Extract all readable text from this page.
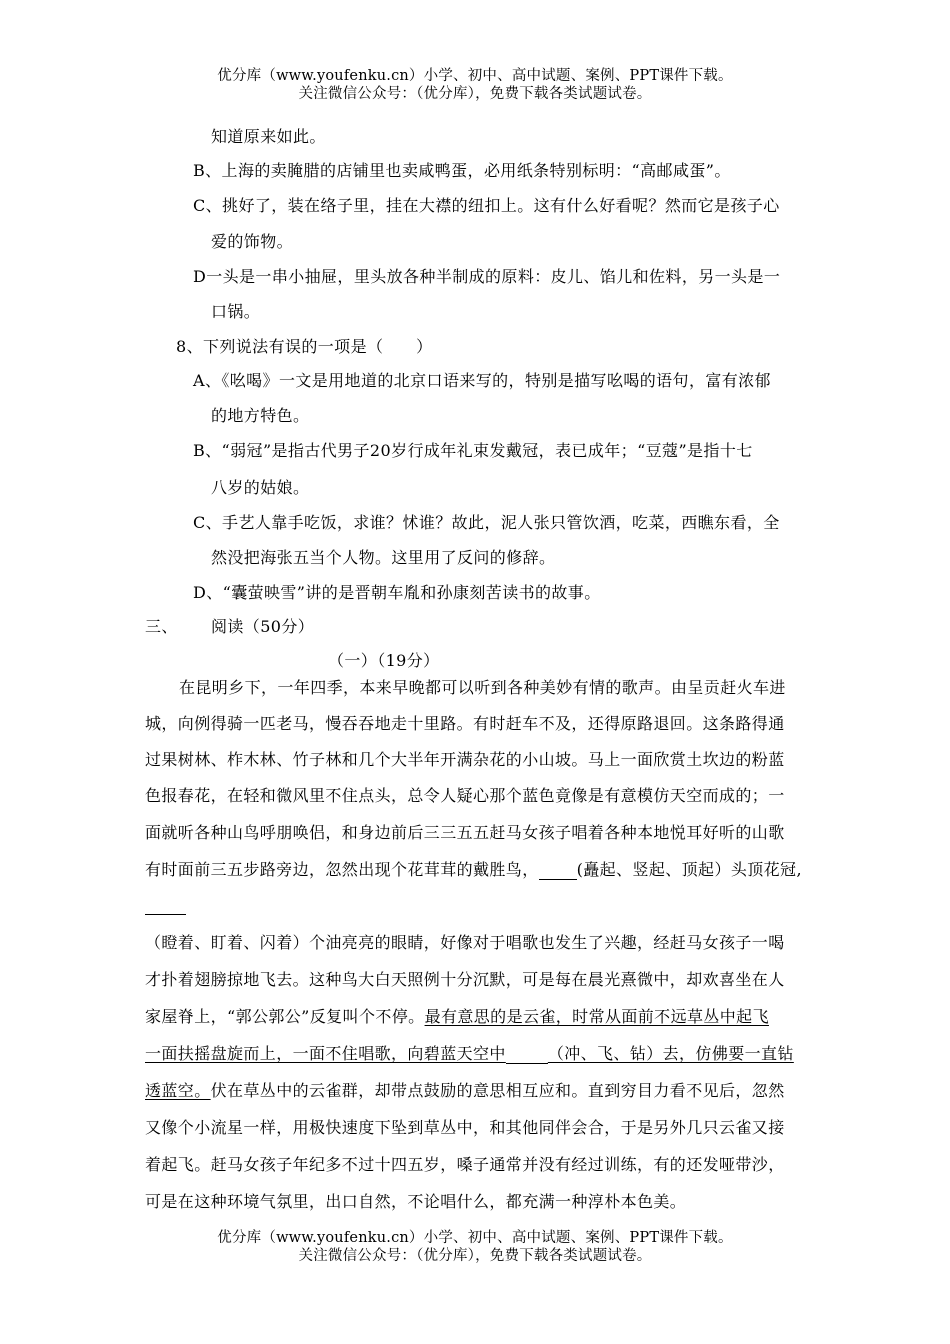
优分库（www.youfenku.cn）小学、初中、高中试题、案例、PPT课件下载。
关注微信公众号：（优分库），免费下载各类试题试卷。
知道原来如此。
B、上海的卖腌腊的店铺里也卖咸鸭蛋，必用纸条特别标明：“高邮咸蛋”。
C、挑好了，装在络子里，挂在大襟的纽扣上。这有什么好看呢？然而它是孩子心
爱的饰物。
D一头是一串小抽屉，里头放各种半制成的原料：皮儿、馅儿和佐料，另一头是一
口锅。
8、下列说法有误的一项是（　　）
A、《吆喝》一文是用地道的北京口语来写的，特别是描写吆喝的语句，富有浓郁
的地方特色。
B、“弱冠”是指古代男子20岁行成年礼束发戴冠，表已成年；“豆蔻”是指十七
八岁的姑娘。
C、手艺人靠手吃饭，求谁？怵谁？故此，泥人张只管饮酒，吃菜，西瞧东看，全
然没把海张五当个人物。这里用了反问的修辞。
D、“囊萤映雪”讲的是晋朝车胤和孙康刻苦读书的故事。
三、 阅读（50分）
（一）（19分）
在昆明乡下，一年四季，本来早晚都可以听到各种美妙有情的歌声。由呈贡赶火车进
城，向例得骑一匹老马，慢吞吞地走十里路。有时赶车不及，还得原路退回。这条路得通
过果树林、柞木林、竹子林和几个大半年开满杂花的小山坡。马上一面欣赏土坎边的粉蓝
色报春花，在轻和微风里不住点头，总令人疑心那个蓝色竟像是有意模仿天空而成的；一
面就听各种山鸟呼朋唤侣，和身边前后三三五五赶马女孩子唱着各种本地悦耳好听的山歌
有时面前三五步路旁边，忽然出现个花茸茸的戴胜鸟， (矗起、竖起、顶起）头顶花冠,
（瞪着、盯着、闪着）个油亮亮的眼睛，好像对于唱歌也发生了兴趣，经赶马女孩子一喝
才扑着翅膀掠地飞去。这种鸟大白天照例十分沉默，可是每在晨光熹微中，却欢喜坐在人
家屋脊上，“郭公郭公”反复叫个不停。最有意思的是云雀，时常从面前不远草丛中起飞
一面扶摇盘旋而上，一面不住唱歌，向碧蓝天空中	（冲、飞、钻）去，仿佛要一直钻
透蓝空。伏在草丛中的云雀群，却带点鼓励的意思相互应和。直到穷目力看不见后，忽然
又像个小流星一样，用极快速度下坠到草丛中，和其他同伴会合，于是另外几只云雀又接
着起飞。赶马女孩子年纪多不过十四五岁，嗓子通常并没有经过训练，有的还发哑带沙，
可是在这种环境气氛里，出口自然，不论唱什么，都充满一种淳朴本色美。
优分库（www.youfenku.cn）小学、初中、高中试题、案例、PPT课件下载。
关注微信公众号：（优分库），免费下载各类试题试卷。
